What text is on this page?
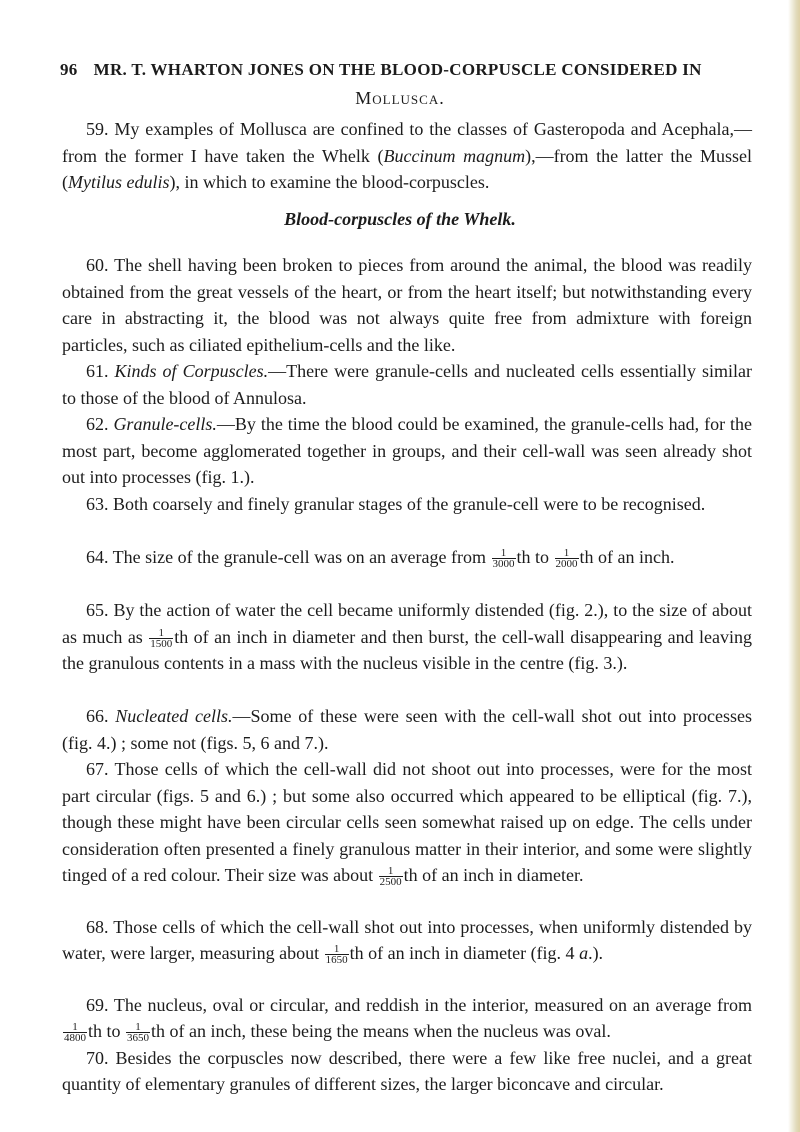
96 MR. T. WHARTON JONES ON THE BLOOD-CORPUSCLE CONSIDERED IN
Mollusca.

59. My examples of Mollusca are confined to the classes of Gasteropoda and Acephala,—from the former I have taken the Whelk (Buccinum magnum),—from the latter the Mussel (Mytilus edulis), in which to examine the blood-corpuscles.

Blood-corpuscles of the Whelk.

60. The shell having been broken to pieces from around the animal, the blood was readily obtained from the great vessels of the heart, or from the heart itself; but notwithstanding every care in abstracting it, the blood was not always quite free from admixture with foreign particles, such as ciliated epithelium-cells and the like.

61. Kinds of Corpuscles.—There were granule-cells and nucleated cells essentially similar to those of the blood of Annulosa.

62. Granule-cells.—By the time the blood could be examined, the granule-cells had, for the most part, become agglomerated together in groups, and their cell-wall was seen already shot out into processes (fig. 1.).

63. Both coarsely and finely granular stages of the granule-cell were to be recognised.

64. The size of the granule-cell was on an average from $\frac{1}{3000}$ th to $\frac{1}{2000}$ th of an inch.

65. By the action of water the cell became uniformly distended (fig. 2.), to the size of about as much as $\frac{1}{1500}$ th of an inch in diameter and then burst, the cell-wall disappearing and leaving the granulous contents in a mass with the nucleus visible in the centre (fig. 3.).

66. Nucleated cells.—Some of these were seen with the cell-wall shot out into processes (fig. 4.) ; some not (figs. 5, 6 and 7.).

67. Those cells of which the cell-wall did not shoot out into processes, were for the most part circular (figs. 5 and 6.) ; but some also occurred which appeared to be elliptical (fig. 7.), though these might have been circular cells seen somewhat raised up on edge. The cells under consideration often presented a finely granulous matter in their interior, and some were slightly tinged of a red colour. Their size was about $\frac{1}{2500}$ th of an inch in diameter.

68. Those cells of which the cell-wall shot out into processes, when uniformly distended by water, were larger, measuring about $\frac{1}{1650}$ th of an inch in diameter (fig. 4 a.).

69. The nucleus, oval or circular, and reddish in the interior, measured on an average from
$\frac{1}{4800}$ th to $\frac{1}{3650}$ th of an inch, these being the means when the nucleus was oval.

70. Besides the corpuscles now described, there were a few like free nuclei, and a great quantity of elementary granules of different sizes, the larger biconcave and circular.
